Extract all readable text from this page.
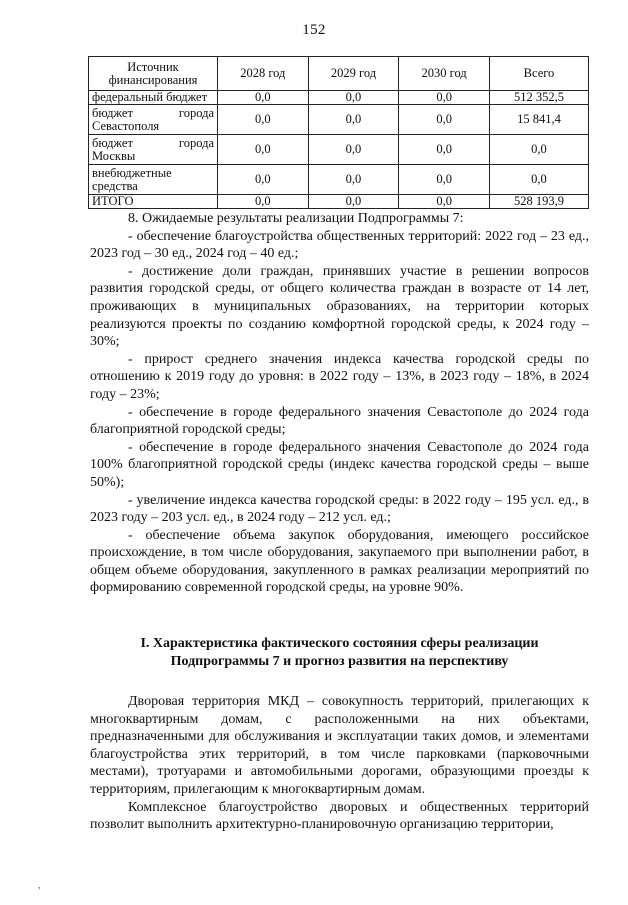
152
Источник финансирования	2028 год	2029 год	2030 год	Всего
федеральный бюджет	0,0	0,0	0,0	512 352,5

бюджет города
Севастополя	0,0	0,0	0,0	15 841,4

бюджет города
Москвы	0,0	0,0	0,0	0,0

внебюджетные
средства	0,0	0,0	0,0	0,0
ИТОГО	0,0	0,0	0,0	528 193,9

8. Ожидаемые результаты реализации Подпрограммы 7:

- обеспечение благоустройства общественных территорий: 2022 год – 23 ед., 2023 год – 30 ед., 2024 год – 40 ед.;

- достижение доли граждан, принявших участие в решении вопросов развития городской среды, от общего количества граждан в возрасте от 14 лет, проживающих в муниципальных образованиях, на территории которых реализуются проекты по созданию комфортной городской среды, к 2024 году – 30%;

- прирост среднего значения индекса качества городской среды по отношению к 2019 году до уровня: в 2022 году – 13%, в 2023 году – 18%, в 2024 году – 23%;

- обеспечение в городе федерального значения Севастополе до 2024 года благоприятной городской среды;

- обеспечение в городе федерального значения Севастополе до 2024 года 100% благоприятной городской среды (индекс качества городской среды – выше 50%);

- увеличение индекса качества городской среды: в 2022 году – 195 усл. ед., в 2023 году – 203 усл. ед., в 2024 году – 212 усл. ед.;

- обеспечение объема закупок оборудования, имеющего российское происхождение, в том числе оборудования, закупаемого при выполнении работ, в общем объеме оборудования, закупленного в рамках реализации мероприятий по формированию современной городской среды, на уровне 90%.

I. Характеристика фактического состояния сферы реализации

Подпрограммы 7 и прогноз развития на перспективу

Дворовая территория МКД – совокупность территорий, прилегающих к многоквартирным домам, с расположенными на них объектами, предназначенными для обслуживания и эксплуатации таких домов, и элементами благоустройства этих территорий, в том числе парковками (парковочными местами), тротуарами и автомобильными дорогами, образующими проезды к территориям, прилегающим к многоквартирным домам.

Комплексное благоустройство дворовых и общественных территорий позволит выполнить архитектурно-планировочную организацию территории,

,
